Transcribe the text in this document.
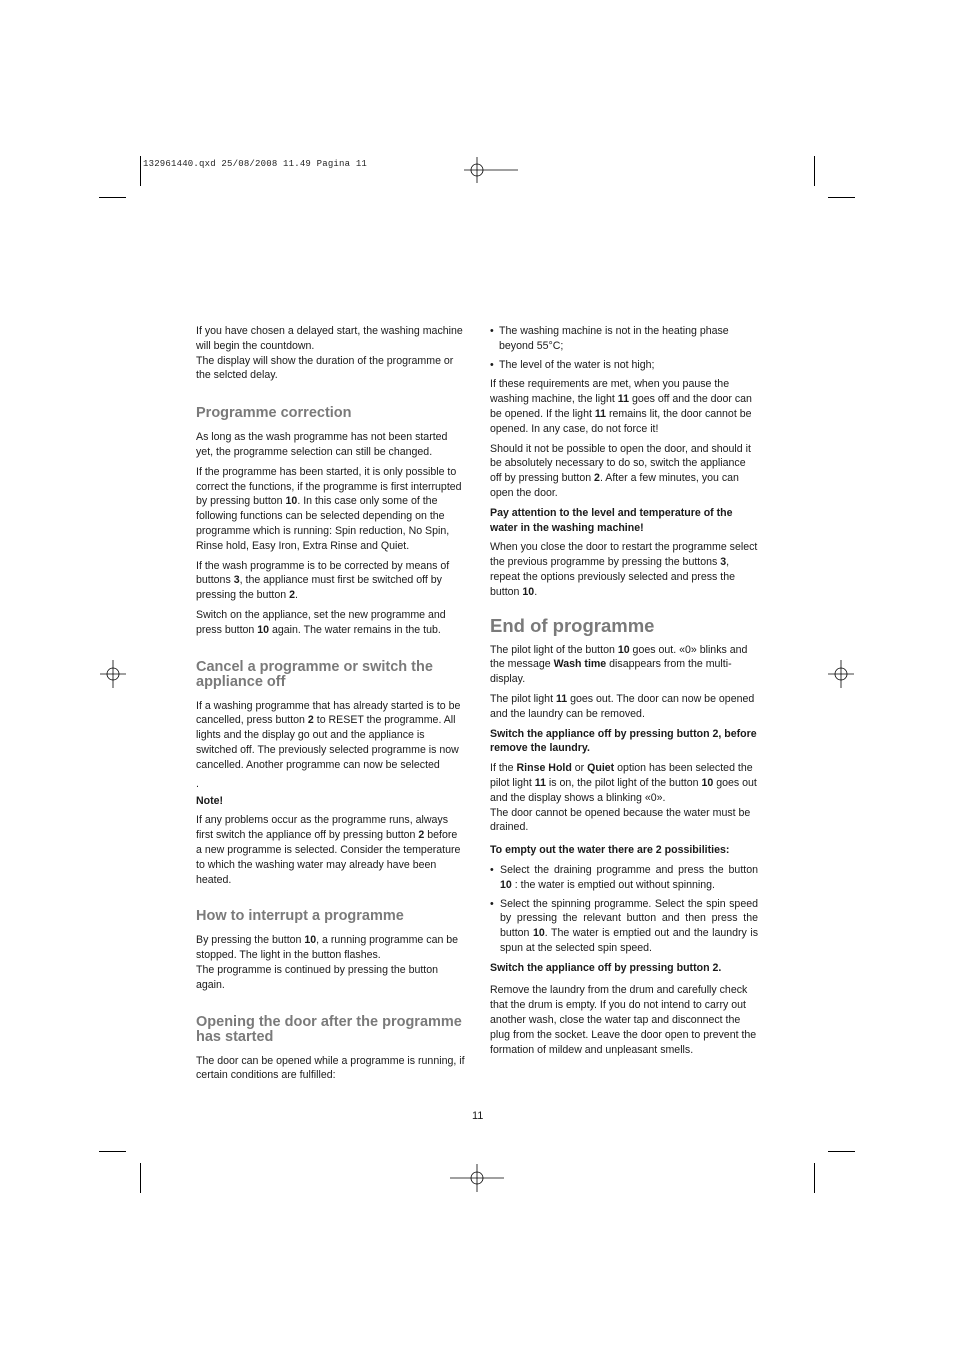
132961440.qxd 25/08/2008 11.49 Pagina 11

If you have chosen a delayed start, the washing machine will begin the countdown.

The display will show the duration of the programme or the selcted delay.

Programme correction

As long as the wash programme has not been started yet, the programme selection can still be changed.

If the programme has been started, it is only possible to correct the functions, if the programme is first interrupted by pressing button 10. In this case only some of the following functions can be selected depending on the programme which is running: Spin reduction, No Spin, Rinse hold, Easy Iron, Extra Rinse and Quiet.

If the wash programme is to be corrected by means of buttons 3, the appliance must first be switched off by pressing the button 2.

Switch on the appliance, set the new programme and press button 10 again. The water remains in the tub.

Cancel a programme or switch the appliance off

If a washing programme that has already started is to be cancelled, press button 2 to RESET the programme. All lights and the display go out and the appliance is switched off. The previously selected programme is now cancelled. Another programme can now be selected

.

Note!

If any problems occur as the programme runs, always first switch the appliance off by pressing button 2 before a new programme is selected. Consider the temperature to which the washing water may already have been heated.

How to interrupt a programme

By pressing the button 10, a running programme can be stopped. The light in the button flashes.

The programme is continued by pressing the button again.

Opening the door after the programme has started

The door can be opened while a programme is running, if certain conditions are fulfilled:

• The washing machine is not in the heating phase beyond 55°C;
• The level of the water is not high;

If these requirements are met, when you pause the washing machine, the light 11 goes off and the door can be opened. If the light 11 remains lit, the door cannot be opened. In any case, do not force it!

Should it not be possible to open the door, and should it be absolutely necessary to do so, switch the appliance off by pressing button 2. After a few minutes, you can open the door.

Pay attention to the level and temperature of the water in the washing machine!

When you close the door to restart the programme select the previous programme by pressing the buttons 3, repeat the options previously selected and press the button 10.

End of programme

The pilot light of the button 10 goes out. «0» blinks and the message Wash time disappears from the multi-display.

The pilot light 11 goes out. The door can now be opened and the laundry can be removed.

Switch the appliance off by pressing button 2, before remove the laundry.

If the Rinse Hold or Quiet option has been selected the pilot light 11 is on, the pilot light of the button 10 goes out and the display shows a blinking «0».

The door cannot be opened because the water must be drained.

To empty out the water there are 2 possibilities:

• Select the draining programme and press the button 10 : the water is emptied out without spinning.
• Select the spinning programme. Select the spin speed by pressing the relevant button and then press the button 10. The water is emptied out and the laundry is spun at the selected spin speed.

Switch the appliance off by pressing button 2.

Remove the laundry from the drum and carefully check that the drum is empty. If you do not intend to carry out another wash, close the water tap and disconnect the plug from the socket. Leave the door open to prevent the formation of mildew and unpleasant smells.

11
